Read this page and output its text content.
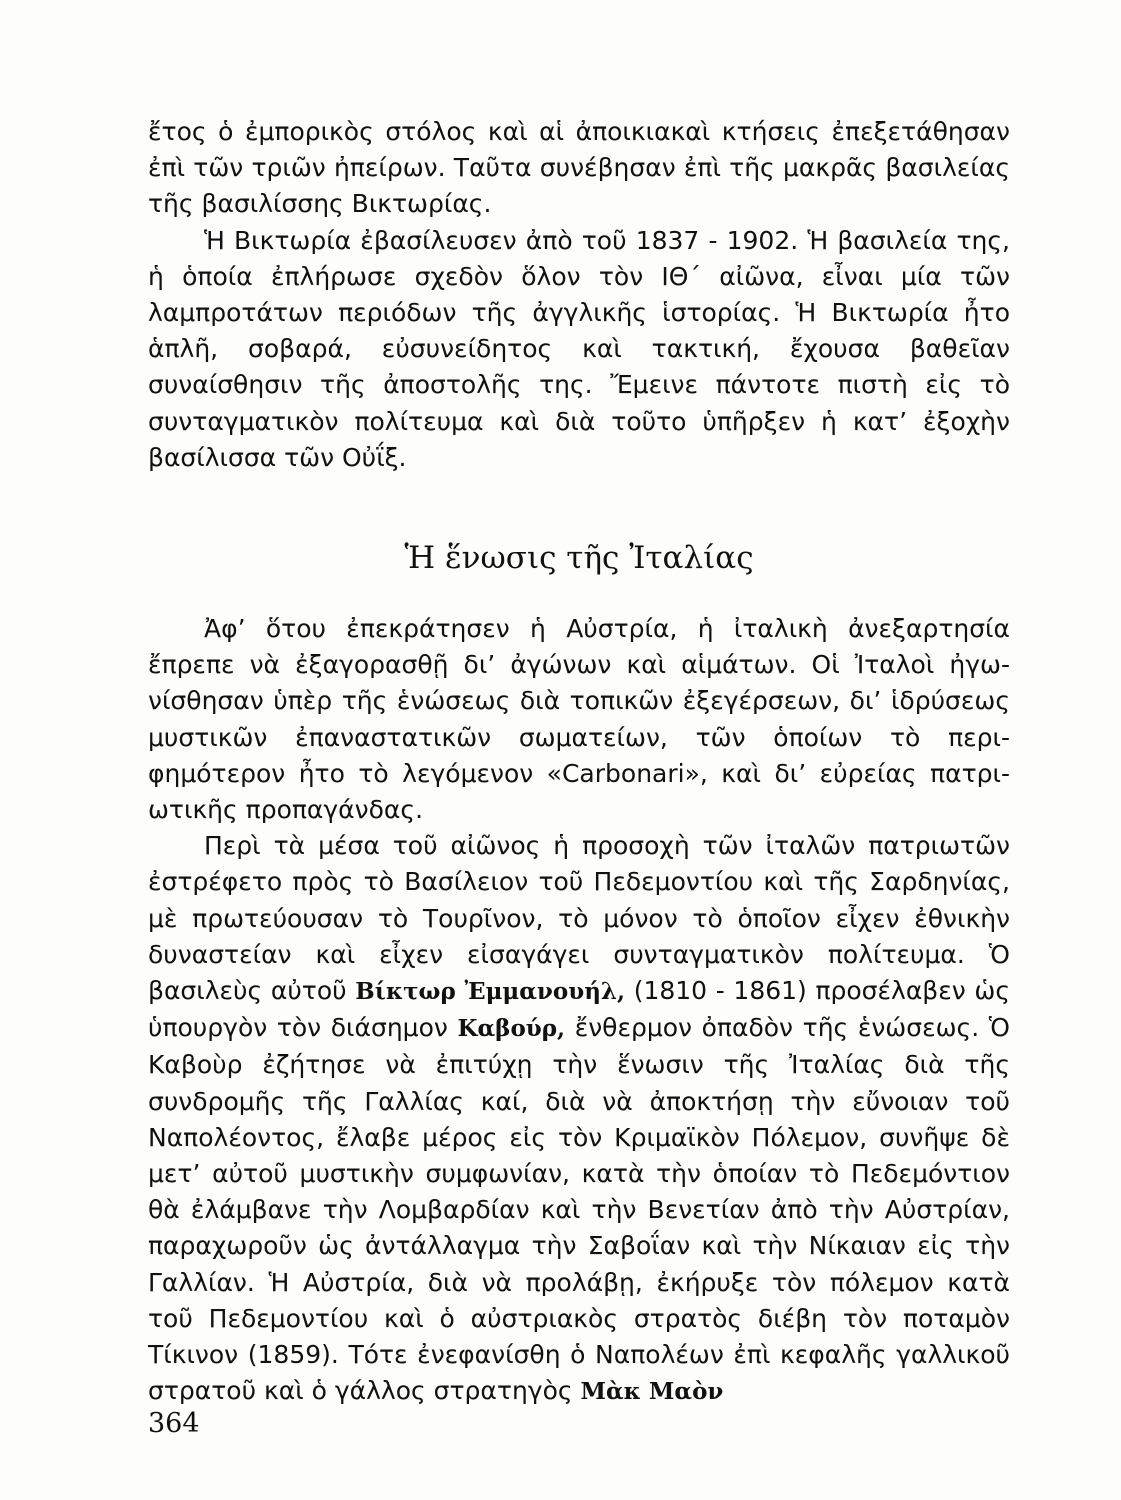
ἔτος ὁ ἐμπορικὸς στόλος καὶ αἱ ἀποικιακαὶ κτήσεις ἐπεξετάθησαν ἐπὶ τῶν τριῶν ἠπείρων. Ταῦτα συνέβησαν ἐπὶ τῆς μακρᾶς βασιλείας τῆς βασιλίσσης Βικτωρίας.

Ἡ Βικτωρία ἐβασίλευσεν ἀπὸ τοῦ 1837 - 1902. Ἡ βασιλεία της, ἡ ὁποία ἐπλήρωσε σχεδὸν ὅλον τὸν ΙΘ΄ αἰῶνα, εἶναι μία τῶν λαμπροτάτων περιόδων τῆς ἀγγλικῆς ἱστορίας. Ἡ Βικτωρία ἦτο ἁπλῆ, σοβαρά, εὐσυνείδητος καὶ τακτική, ἔχουσα βαθεῖαν συναίσθησιν τῆς ἀποστολῆς της. Ἔμεινε πάντοτε πιστὴ εἰς τὸ συνταγματικὸν πολίτευμα καὶ διὰ τοῦτο ὑπῆρξεν ἡ κατ’ ἐξοχὴν βασίλισσα τῶν Οὐΐξ.

Ἡ ἕνωσις τῆς Ἰταλίας

Ἀφ’ ὅτου ἐπεκράτησεν ἡ Αὐστρία, ἡ ἰταλικὴ ἀνεξαρτησία ἔπρεπε νὰ ἐξαγορασθῇ δι’ ἀγώνων καὶ αἱμάτων. Οἱ Ἰταλοὶ ἠγωνίσθησαν ὑπὲρ τῆς ἑνώσεως διὰ τοπικῶν ἐξεγέρσεων, δι’ ἱδρύσεως μυστικῶν ἐπαναστατικῶν σωματείων, τῶν ὁποίων τὸ περιφημότερον ἦτο τὸ λεγόμενον «Carbonari», καὶ δι’ εὐρείας πατριωτικῆς προπαγάνδας.

Περὶ τὰ μέσα τοῦ αἰῶνος ἡ προσοχὴ τῶν ἰταλῶν πατριωτῶν ἐστρέφετο πρὸς τὸ Βασίλειον τοῦ Πεδεμοντίου καὶ τῆς Σαρδηνίας, μὲ πρωτεύουσαν τὸ Τουρῖνον, τὸ μόνον τὸ ὁποῖον εἶχεν ἐθνικὴν δυναστείαν καὶ εἶχεν εἰσαγάγει συνταγματικὸν πολίτευμα. Ὁ βασιλεὺς αὐτοῦ Βίκτωρ Ἐμμανουήλ, (1810 - 1861) προσέλαβεν ὡς ὑπουργὸν τὸν διάσημον Καβούρ, ἔνθερμον ὀπαδὸν τῆς ἑνώσεως. Ὁ Καβοὺρ ἐζήτησε νὰ ἐπιτύχῃ τὴν ἕνωσιν τῆς Ἰταλίας διὰ τῆς συνδρομῆς τῆς Γαλλίας καί, διὰ νὰ ἀποκτήσῃ τὴν εὔνοιαν τοῦ Ναπολέοντος, ἔλαβε μέρος εἰς τὸν Κριμαϊκὸν Πόλεμον, συνῆψε δὲ μετ’ αὐτοῦ μυστικὴν συμφωνίαν, κατὰ τὴν ὁποίαν τὸ Πεδεμόντιον θὰ ἐλάμβανε τὴν Λομβαρδίαν καὶ τὴν Βενετίαν ἀπὸ τὴν Αὐστρίαν, παραχωροῦν ὡς ἀντάλλαγμα τὴν Σαβοΐαν καὶ τὴν Νίκαιαν εἰς τὴν Γαλλίαν. Ἡ Αὐστρία, διὰ νὰ προλάβῃ, ἐκήρυξε τὸν πόλεμον κατὰ τοῦ Πεδεμοντίου καὶ ὁ αὐστριακὸς στρατὸς διέβη τὸν ποταμὸν Τίκινον (1859). Τότε ἐνεφανίσθη ὁ Ναπολέων ἐπὶ κεφαλῆς γαλλικοῦ στρατοῦ καὶ ὁ γάλλος στρατηγὸς Μὰκ Μαὸν

364
